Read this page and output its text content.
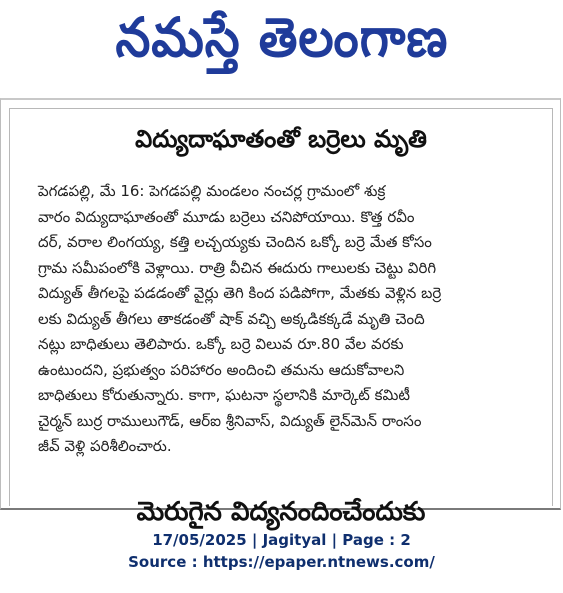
నమస్తే తెలంగాణ
విద్యుదాఘాతంతో బర్రెలు మృతి
పెగడపల్లి, మే 16: పెగడపల్లి మండలం నంచర్ల గ్రామంలో శుక్ర
వారం విద్యుదాఘాతంతో మూడు బర్రెలు చనిపోయాయి. కొత్త రవీం
దర్, వరాల లింగయ్య, కత్తి లచ్చయ్యకు చెందిన ఒక్కో బర్రె మేత కోసం
గ్రామ సమీపంలోకి వెళ్లాయి. రాత్రి వీచిన ఈదురు గాలులకు చెట్టు విరిగి
విద్యుత్ తీగలపై పడడంతో వైర్లు తెగి కింద పడిపోగా, మేతకు వెళ్లిన బర్రె
లకు విద్యుత్ తీగలు తాకడంతో షాక్ వచ్చి అక్కడికక్కడే మృతి చెంది
నట్లు బాధితులు తెలిపారు. ఒక్కో బర్రె విలువ రూ.80 వేల వరకు
ఉంటుందని, ప్రభుత్వం పరిహారం అందించి తమను ఆదుకోవాలని
బాధితులు కోరుతున్నారు. కాగా, ఘటనా స్థలానికి మార్కెట్ కమిటీ
చైర్మన్ బుర్ర రాములుగౌడ్, ఆర్‌ఐ శ్రీనివాస్, విద్యుత్ లైన్‌మెన్ రాంసం
జీవ్ వెళ్లి పరిశీలించారు.
మెరుగైన విద్యనందించేందుకు
17/05/2025 | Jagityal | Page : 2
Source : https://epaper.ntnews.com/
